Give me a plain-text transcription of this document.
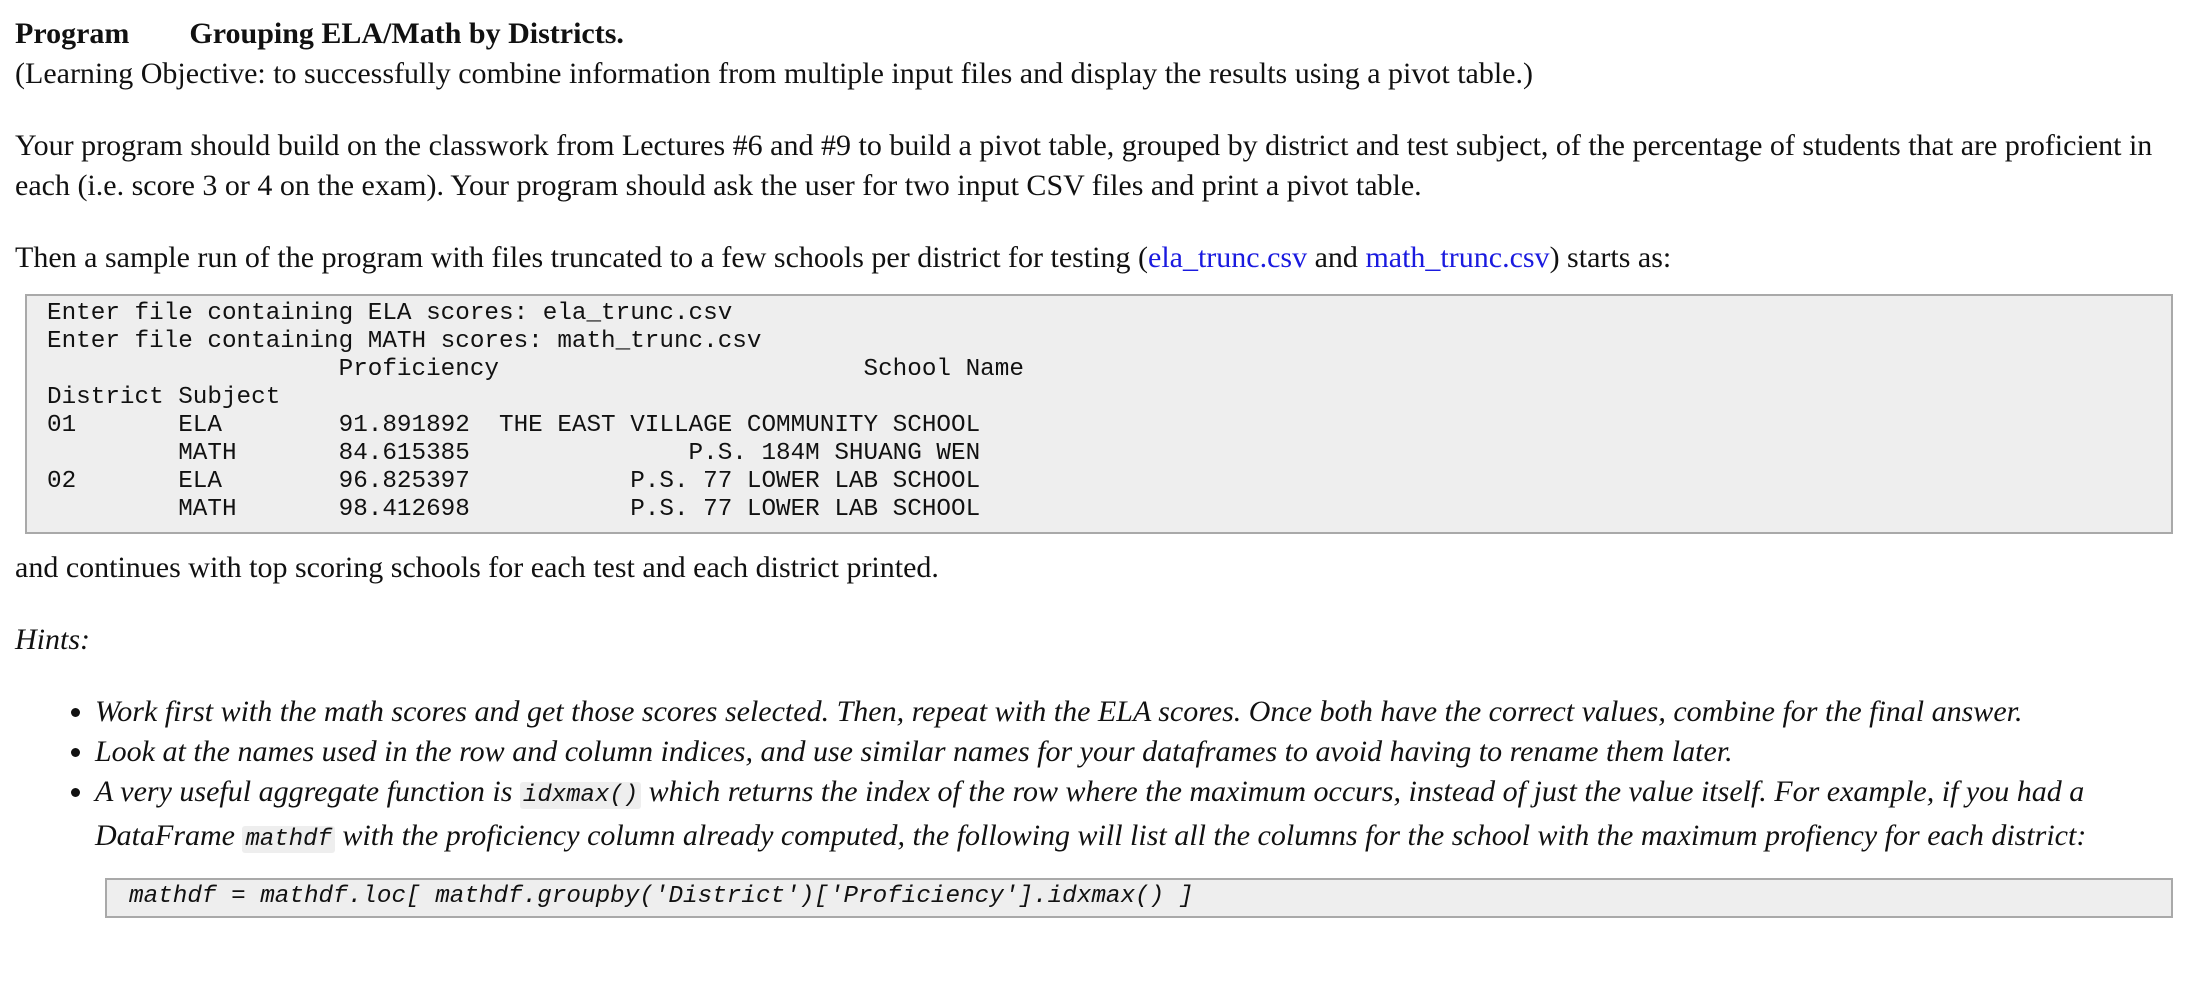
Program Grouping ELA/Math by Districts.

(Learning Objective: to successfully combine information from multiple input files and display the results using a pivot table.)

Your program should build on the classwork from Lectures #6 and #9 to build a pivot table, grouped by district and test subject, of the percentage of students that are proficient in each (i.e. score 3 or 4 on the exam). Your program should ask the user for two input CSV files and print a pivot table.

Then a sample run of the program with files truncated to a few schools per district for testing (ela_trunc.csv and math_trunc.csv) starts as:

Enter file containing ELA scores: ela_trunc.csv
Enter file containing MATH scores: math_trunc.csv
Proficiency                         School Name
District Subject
01       ELA        91.891892  THE EAST VILLAGE COMMUNITY SCHOOL
MATH       84.615385               P.S. 184M SHUANG WEN
02       ELA        96.825397           P.S. 77 LOWER LAB SCHOOL
MATH       98.412698           P.S. 77 LOWER LAB SCHOOL

and continues with top scoring schools for each test and each district printed.

Hints:

• Work first with the math scores and get those scores selected. Then, repeat with the ELA scores. Once both have the correct values, combine for the final answer.
• Look at the names used in the row and column indices, and use similar names for your dataframes to avoid having to rename them later.
• A very useful aggregate function is idxmax() which returns the index of the row where the maximum occurs, instead of just the value itself. For example, if you had a DataFrame mathdf with the proficiency column already computed, the following will list all the columns for the school with the maximum profiency for each district:
mathdf = mathdf.loc[ mathdf.groupby('District')['Proficiency'].idxmax() ]
